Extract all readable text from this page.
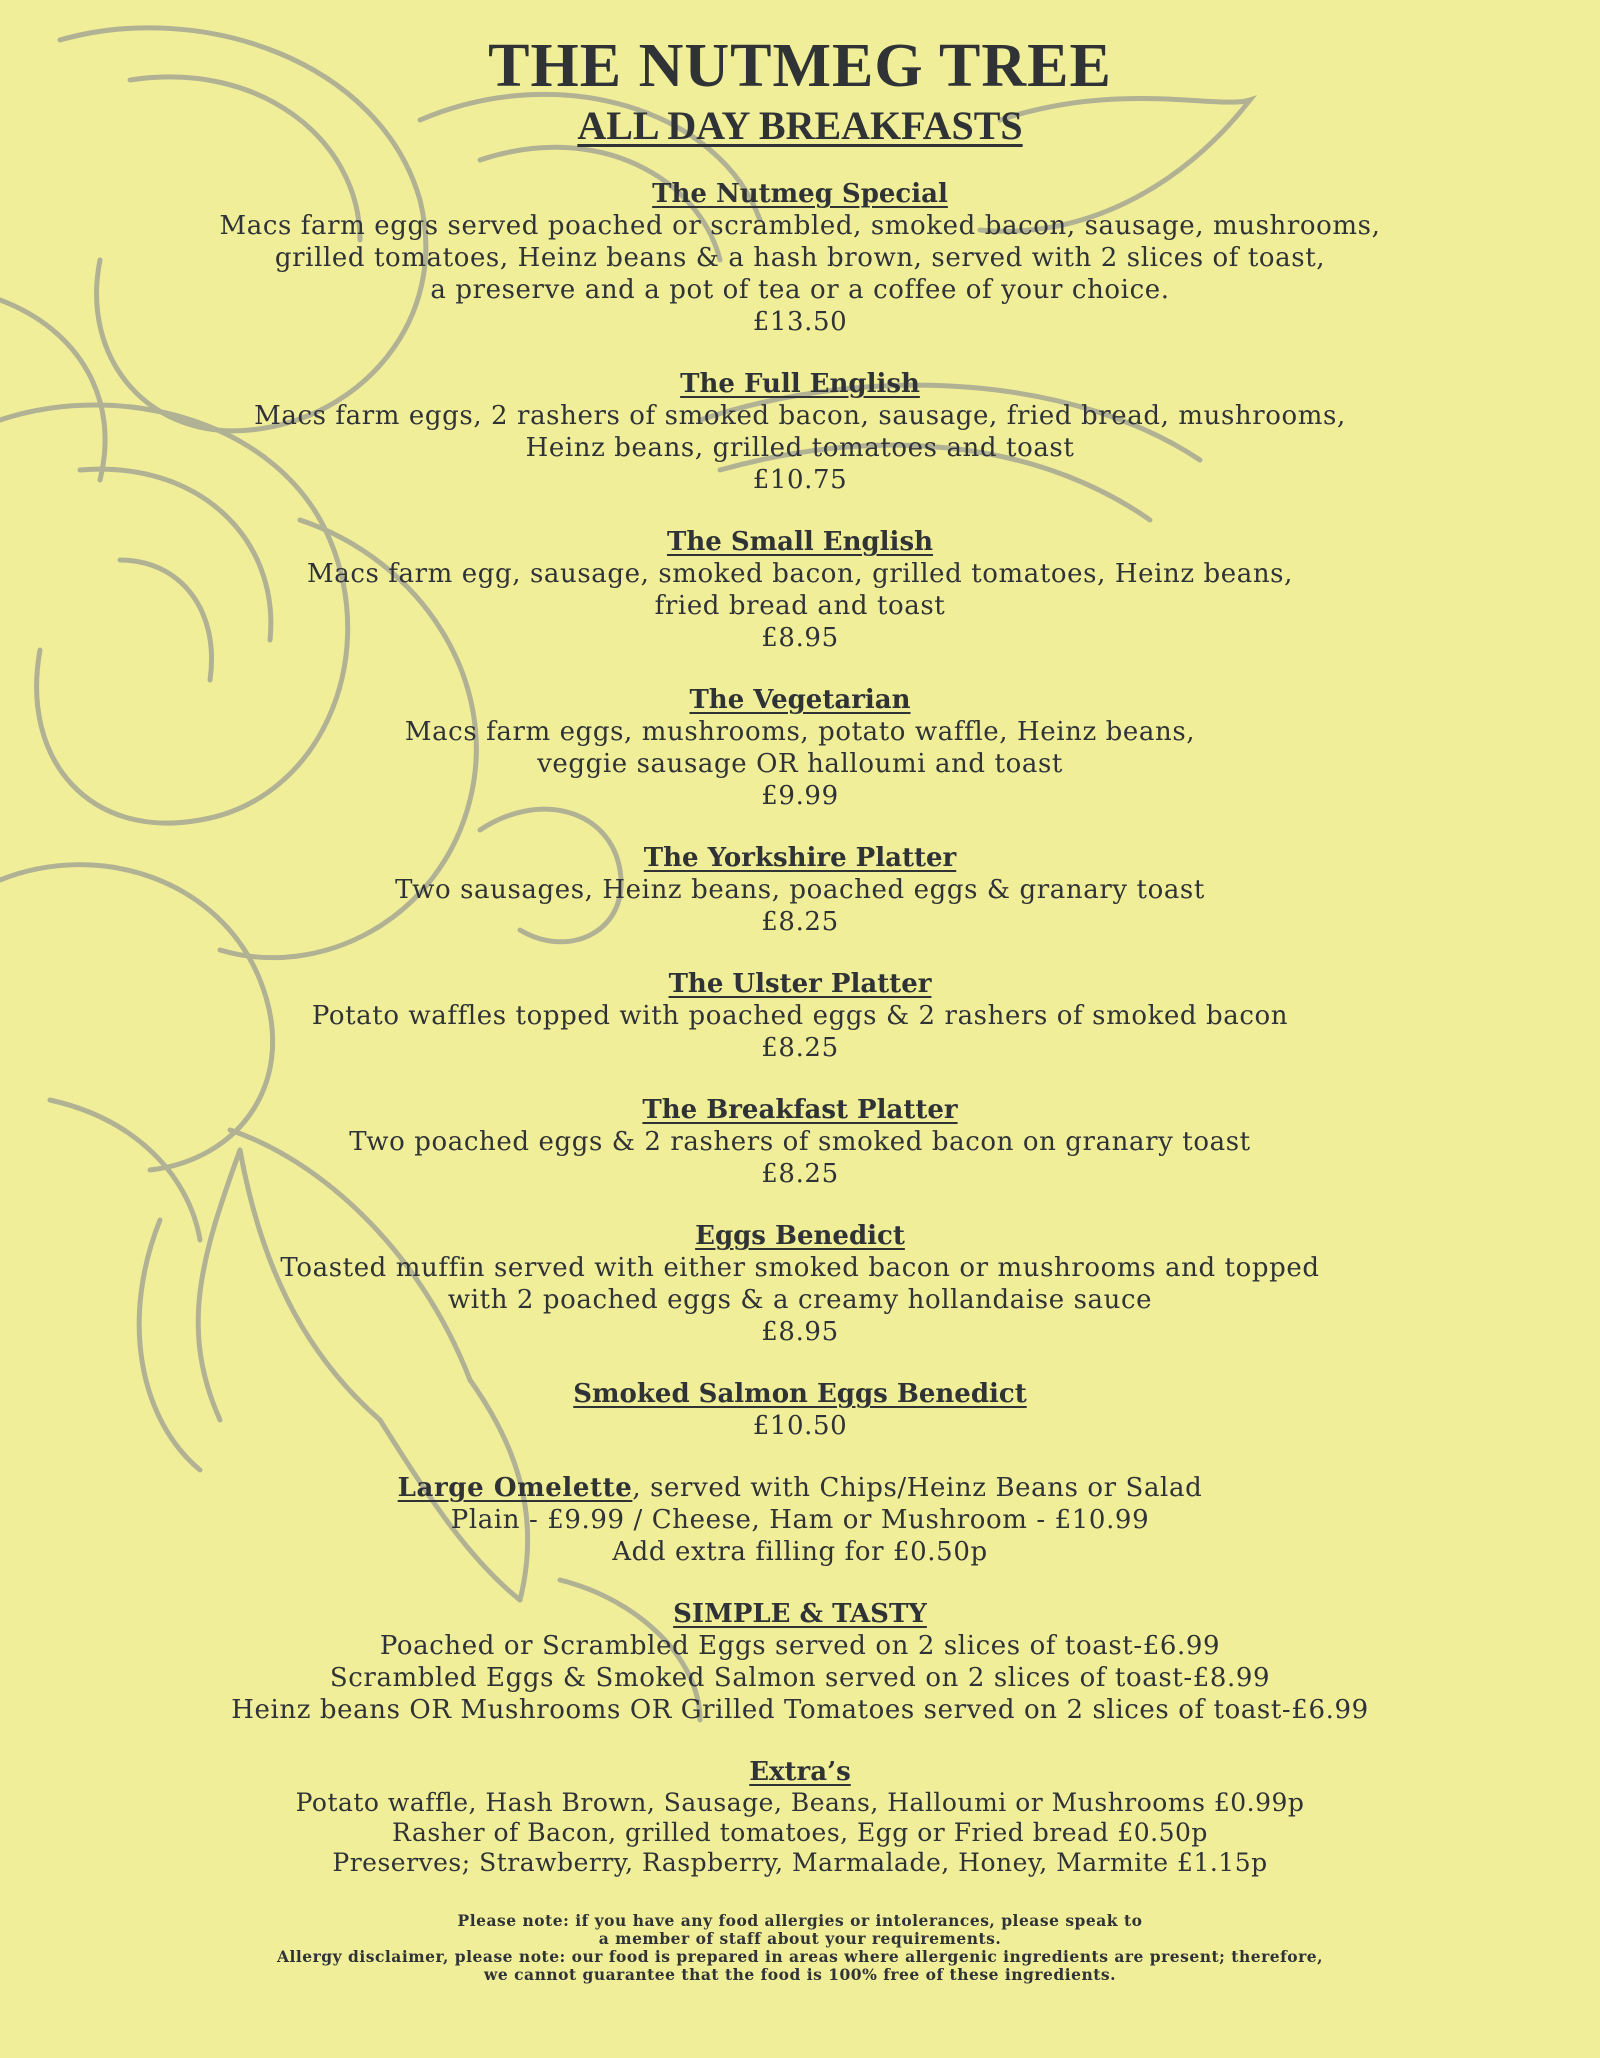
THE NUTMEG TREE
ALL DAY BREAKFASTS
The Nutmeg Special
Macs farm eggs served poached or scrambled, smoked bacon, sausage, mushrooms,
grilled tomatoes, Heinz beans & a hash brown, served with 2 slices of toast,
a preserve and a pot of tea or a coffee of your choice.
£13.50
The Full English
Macs farm eggs, 2 rashers of smoked bacon, sausage, fried bread, mushrooms,
Heinz beans, grilled tomatoes and toast
£10.75
The Small English
Macs farm egg, sausage, smoked bacon, grilled tomatoes, Heinz beans,
fried bread and toast
£8.95
The Vegetarian
Macs farm eggs, mushrooms, potato waffle, Heinz beans,
veggie sausage OR halloumi and toast
£9.99
The Yorkshire Platter
Two sausages, Heinz beans, poached eggs & granary toast
£8.25
The Ulster Platter
Potato waffles topped with poached eggs & 2 rashers of smoked bacon
£8.25
The Breakfast Platter
Two poached eggs & 2 rashers of smoked bacon on granary toast
£8.25
Eggs Benedict
Toasted muffin served with either smoked bacon or mushrooms and topped
with 2 poached eggs & a creamy hollandaise sauce
£8.95
Smoked Salmon Eggs Benedict
£10.50
Large Omelette, served with Chips/Heinz Beans or Salad
Plain - £9.99 / Cheese, Ham or Mushroom - £10.99
Add extra filling for £0.50p
SIMPLE & TASTY
Poached or Scrambled Eggs served on 2 slices of toast-£6.99
Scrambled Eggs & Smoked Salmon served on 2 slices of toast-£8.99
Heinz beans OR Mushrooms OR Grilled Tomatoes served on 2 slices of toast-£6.99
Extra’s
Potato waffle, Hash Brown, Sausage, Beans, Halloumi or Mushrooms £0.99p
Rasher of Bacon, grilled tomatoes, Egg or Fried bread £0.50p
Preserves; Strawberry, Raspberry, Marmalade, Honey, Marmite £1.15p
Please note: if you have any food allergies or intolerances, please speak to
a member of staff about your requirements.
Allergy disclaimer, please note: our food is prepared in areas where allergenic ingredients are present; therefore,
we cannot guarantee that the food is 100% free of these ingredients.
